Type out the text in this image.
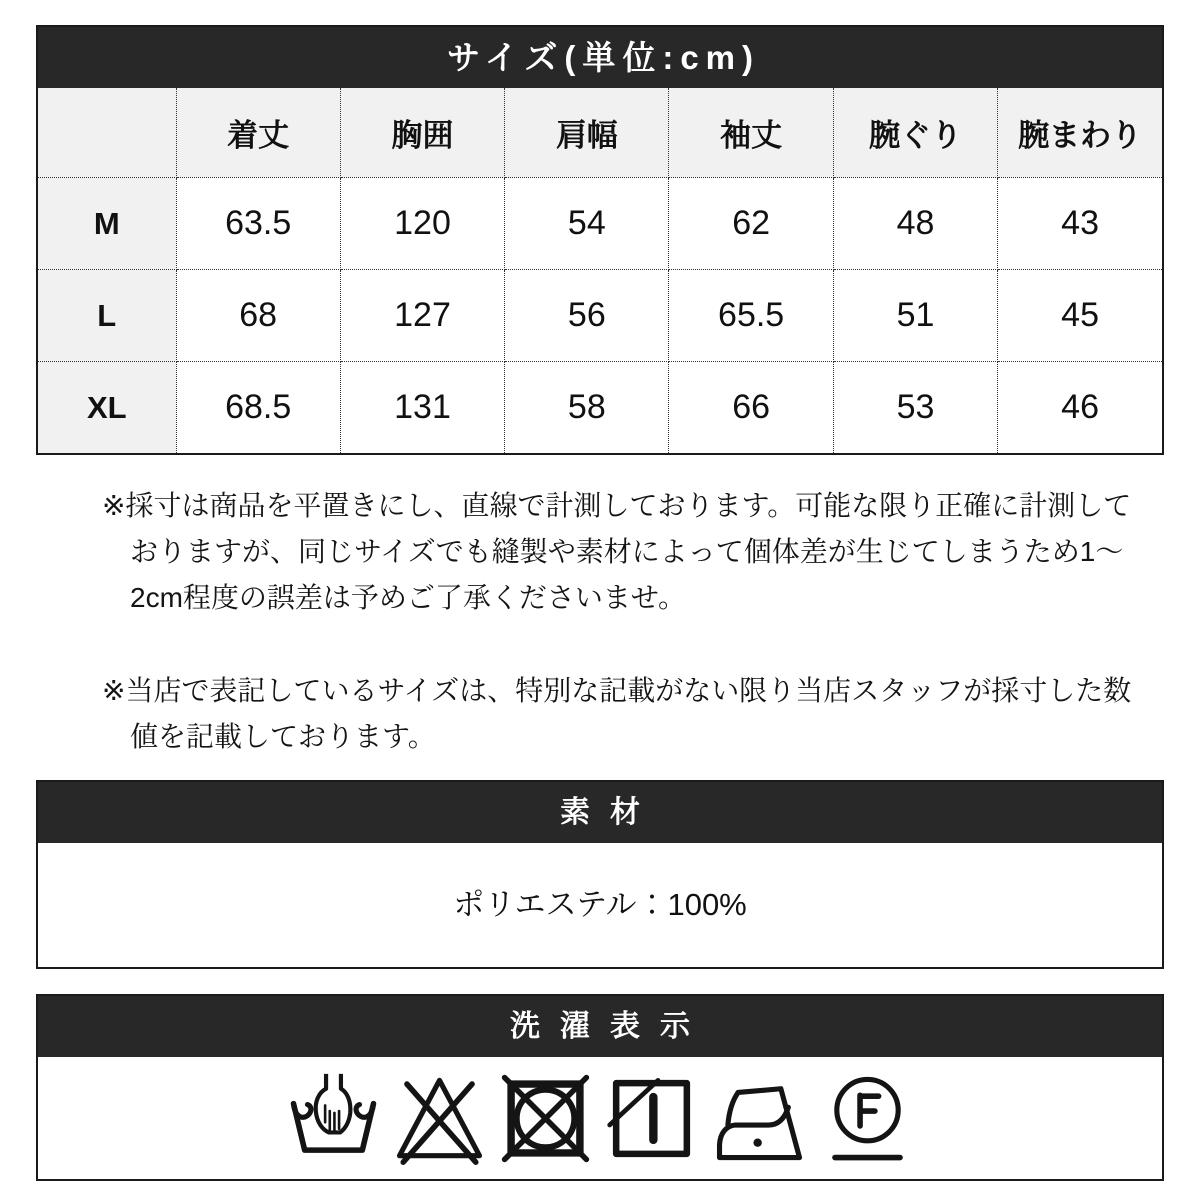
サイズ(単位:cm)
	着丈	胸囲	肩幅	袖丈	腕ぐり	腕まわり
M	63.5	120	54	62	48	43
L	68	127	56	65.5	51	45
XL	68.5	131	58	66	53	46

※採寸は商品を平置きにし、直線で計測しております。可能な限り正確に計測しておりますが、同じサイズでも縫製や素材によって個体差が生じてしまうため1〜2cm程度の誤差は予めご了承くださいませ。

※当店で表記しているサイズは、特別な記載がない限り当店スタッフが採寸した数値を記載しております。

素材
ポリエステル：100%
洗濯表示
